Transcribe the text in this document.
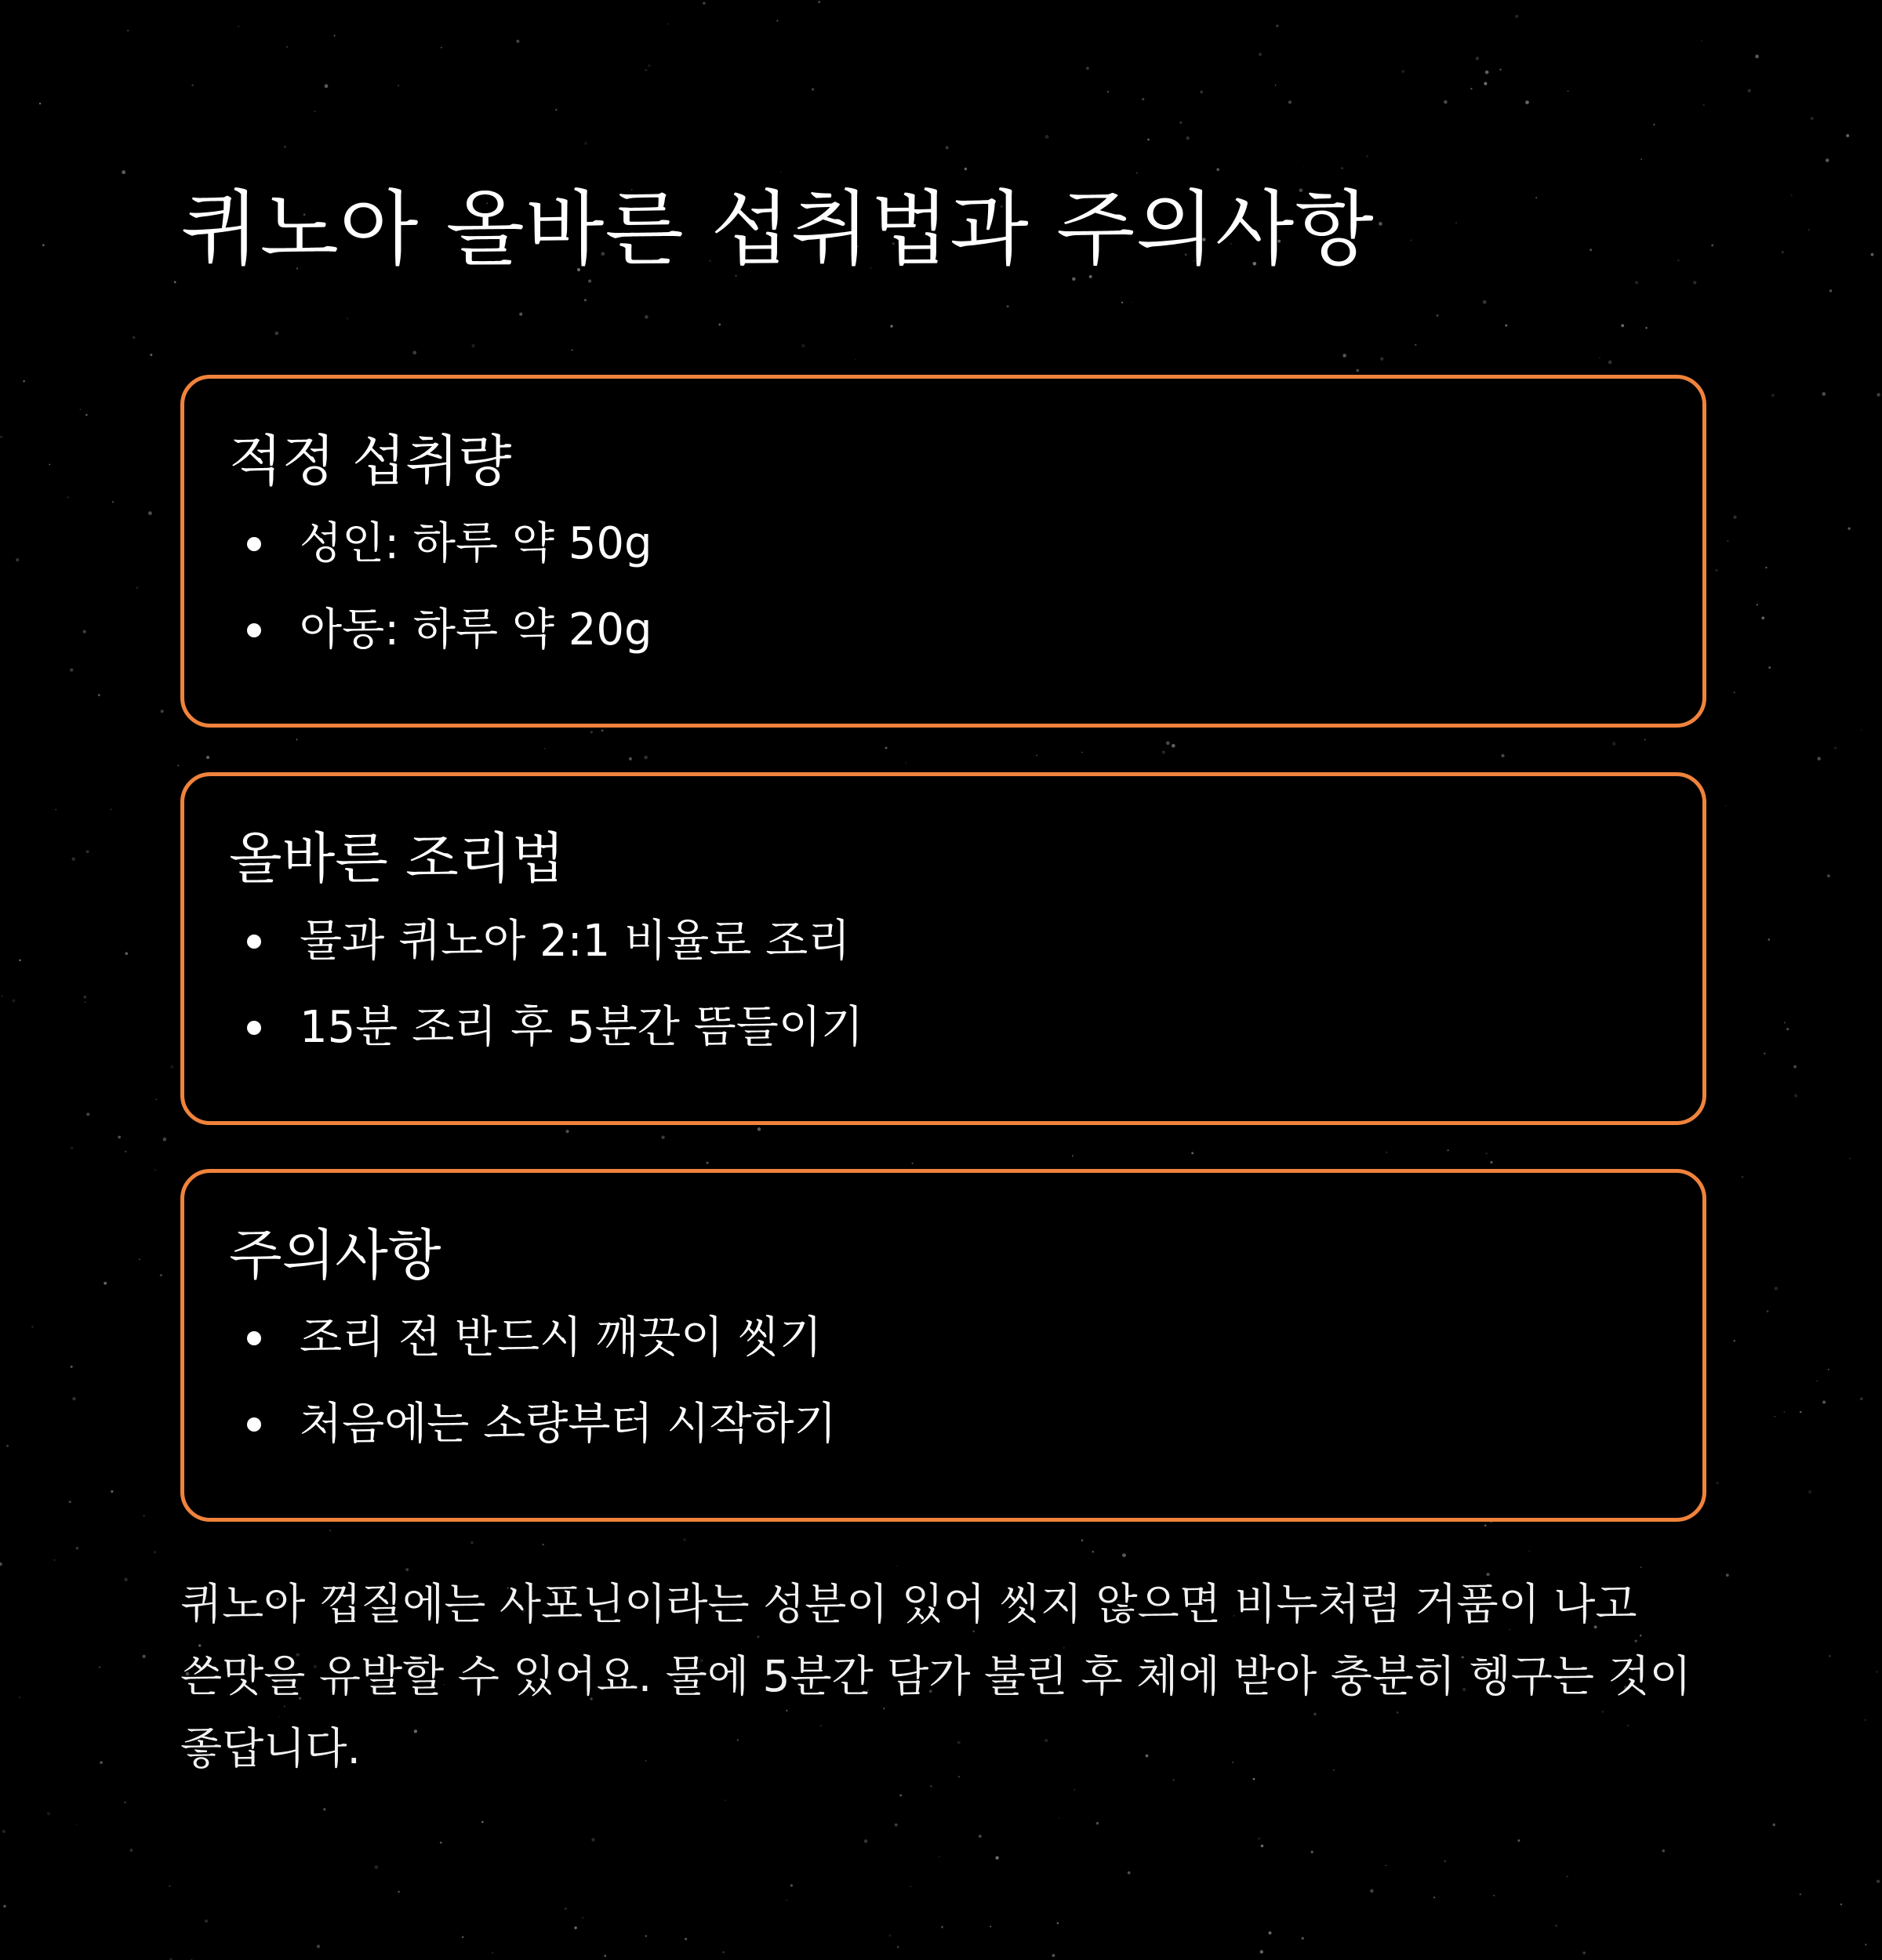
퀴노아 올바른 섭취법과 주의사항
적정 섭취량
성인: 하루 약 50g
아동: 하루 약 20g
올바른 조리법
물과 퀴노아 2:1 비율로 조리
15분 조리 후 5분간 뜸들이기
주의사항
조리 전 반드시 깨끗이 씻기
처음에는 소량부터 시작하기

퀴노아 껍질에는 사포닌이라는 성분이 있어 씻지 않으면 비누처럼 거품이 나고 쓴맛을 유발할 수 있어요. 물에 5분간 담가 불린 후 체에 받아 충분히 헹구는 것이 좋답니다.
